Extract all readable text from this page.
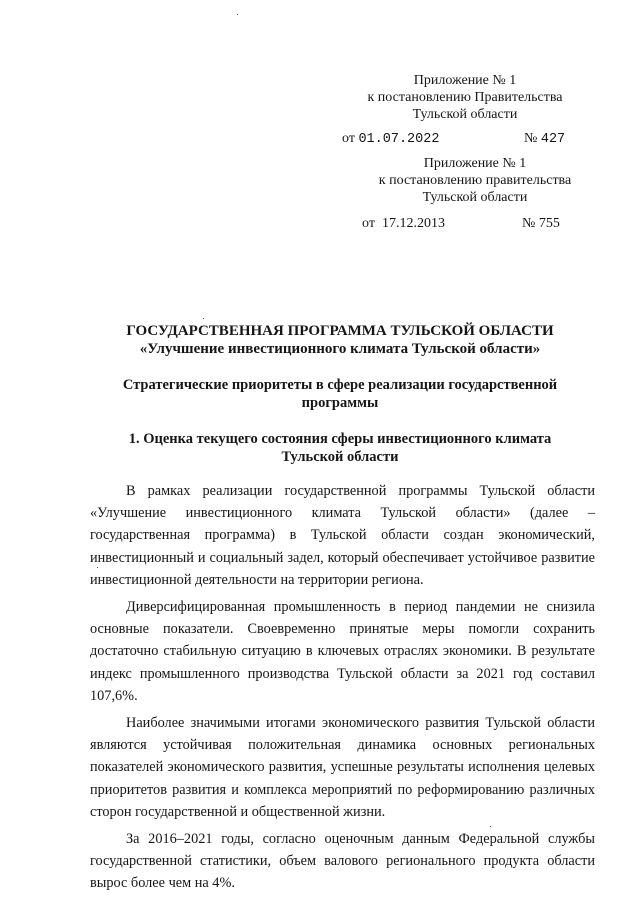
Приложение № 1
к постановлению Правительства
Тульской области
от 01.07.2022	№ 427
Приложение № 1
к постановлению правительства
Тульской области
от 17.12.2013	№ 755
ГОСУДАРСТВЕННАЯ ПРОГРАММА ТУЛЬСКОЙ ОБЛАСТИ
«Улучшение инвестиционного климата Тульской области»
Стратегические приоритеты в сфере реализации государственной
программы
1. Оценка текущего состояния сферы инвестиционного климата
Тульской области

В рамках реализации государственной программы Тульской области «Улучшение инвестиционного климата Тульской области» (далее – государственная программа) в Тульской области создан экономический, инвестиционный и социальный задел, который обеспечивает устойчивое развитие инвестиционной деятельности на территории региона.

Диверсифицированная промышленность в период пандемии не снизила основные показатели. Своевременно принятые меры помогли сохранить достаточно стабильную ситуацию в ключевых отраслях экономики. В результате индекс промышленного производства Тульской области за 2021 год составил 107,6%.

Наиболее значимыми итогами экономического развития Тульской области являются устойчивая положительная динамика основных региональных показателей экономического развития, успешные результаты исполнения целевых приоритетов развития и комплекса мероприятий по реформированию различных сторон государственной и общественной жизни.

За 2016–2021 годы, согласно оценочным данным Федеральной службы государственной статистики, объем валового регионального продукта области вырос более чем на 4%.
